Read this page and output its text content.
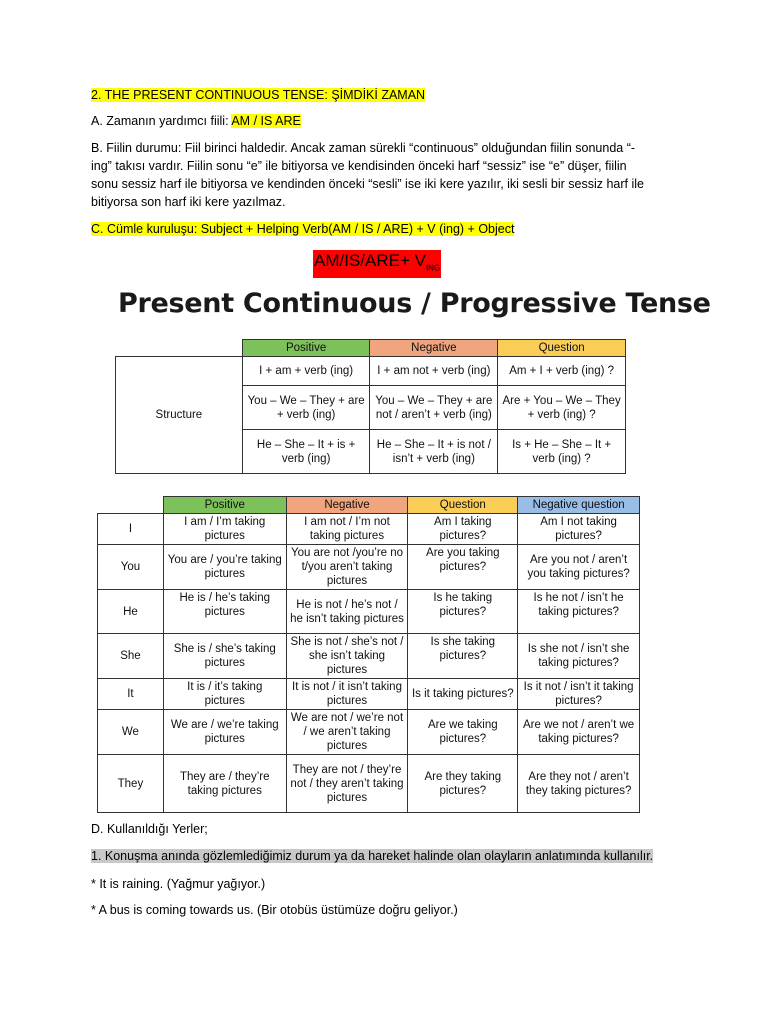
2. THE PRESENT CONTINUOUS TENSE: ŞİMDİKİ ZAMAN
A. Zamanın yardımcı fiili: AM / IS ARE
B. Fiilin durumu: Fiil birinci haldedir. Ancak zaman sürekli “continuous” olduğundan fiilin sonunda “-
ing” takısı vardır. Fiilin sonu “e” ile bitiyorsa ve kendisinden önceki harf “sessiz” ise “e” düşer, fiilin
sonu sessiz harf ile bitiyorsa ve kendinden önceki “sesli” ise iki kere yazılır, iki sesli bir sessiz harf ile
bitiyorsa son harf iki kere yazılmaz.
C. Cümle kuruluşu: Subject + Helping Verb(AM / IS / ARE) + V (ing) + Object
$AM/IS/ARE+ V_{ING}$
Present Continuous / Progressive Tense
	Positive	Negative	Question
Structure	I + am + verb (ing)	I + am not + verb (ing)	Am + I + verb (ing) ?
	You – We – They + are + verb (ing)	You – We – They + are not / aren’t + verb (ing)	Are + You – We – They + verb (ing) ?
	He – She – It + is + verb (ing)	He – She – It + is not / isn’t + verb (ing)	Is + He – She – It + verb (ing) ?
	Positive	Negative	Question	Negative question
I	I am / I’m taking pictures	I am not / I’m not taking pictures	Am I taking pictures?	Am I not taking pictures?
You	You are / you’re taking pictures	You are not /you’re no t/you aren’t taking pictures	Are you taking pictures?	Are you not / aren’t you taking pictures?
He	He is / he’s taking pictures	He is not / he’s not / he isn’t taking pictures	Is he taking pictures?	Is he not / isn’t he taking pictures?
She	She is / she’s taking pictures	She is not / she’s not / she isn’t taking pictures	Is she taking pictures?	Is she not / isn’t she taking pictures?
It	It is / it’s taking pictures	It is not / it isn’t taking pictures	Is it taking pictures?	Is it not / isn’t it taking pictures?
We	We are / we’re taking pictures	We are not / we’re not / we aren’t taking pictures	Are we taking pictures?	Are we not / aren’t we taking pictures?
They	They are / they’re taking pictures	They are not / they’re not / they aren’t taking pictures	Are they taking pictures?	Are they not / aren’t they taking pictures?
D. Kullanıldığı Yerler;
1. Konuşma anında gözlemlediğimiz durum ya da hareket halinde olan olayların anlatımında kullanılır.
* It is raining. (Yağmur yağıyor.)
* A bus is coming towards us. (Bir otobüs üstümüze doğru geliyor.)
